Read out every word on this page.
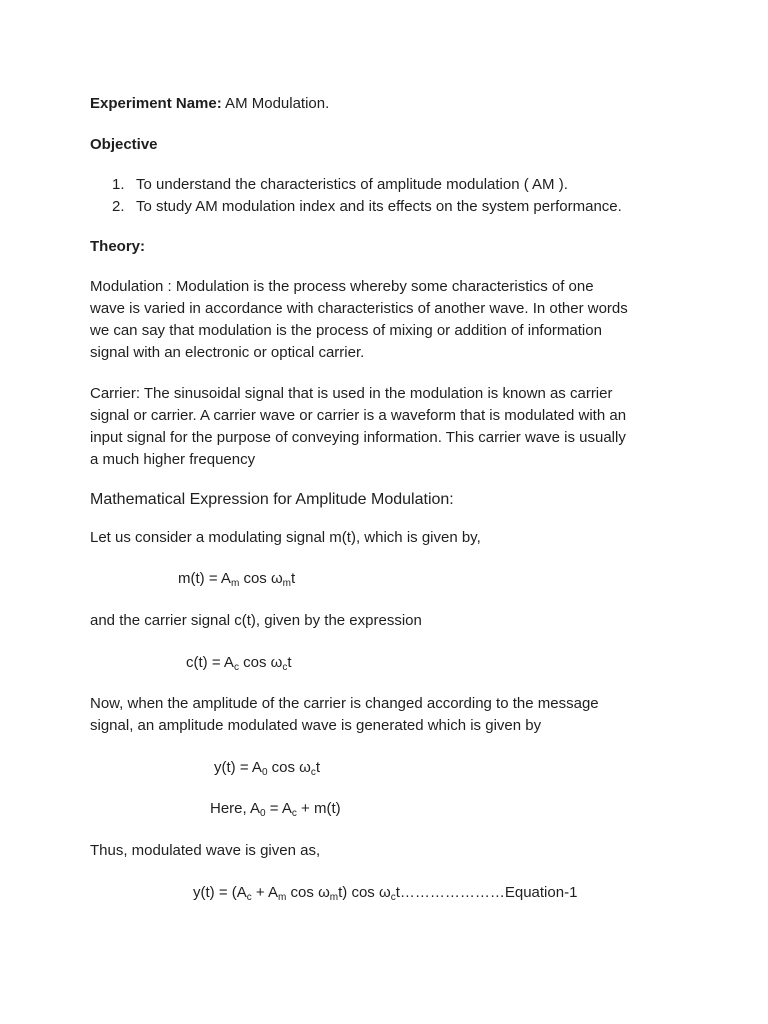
Experiment Name: AM Modulation.
Objective
1. To understand the characteristics of amplitude modulation ( AM ).
2. To study AM modulation index and its effects on the system performance.
Theory:
Modulation : Modulation is the process whereby some characteristics of one
wave is varied in accordance with characteristics of another wave. In other words
we can say that modulation is the process of mixing or addition of information
signal with an electronic or optical carrier.
Carrier: The sinusoidal signal that is used in the modulation is known as carrier
signal or carrier. A carrier wave or carrier is a waveform that is modulated with an
input signal for the purpose of conveying information. This carrier wave is usually
a much higher frequency
Mathematical Expression for Amplitude Modulation:
Let us consider a modulating signal m(t), which is given by,
$m(t) = A_m$ $\cos \omega_mt$
and the carrier signal c(t), given by the expression
$c(t) = A_c$ $\cos \omega_ct$
Now, when the amplitude of the carrier is changed according to the message
signal, an amplitude modulated wave is generated which is given by
$y(t) = A_0$ $\cos \omega_ct$
Here, $A_0 = A_c + m(t)$
Thus, modulated wave is given as,
$y(t) = (A_c + A_m$ $\cos \omega_mt$) $\cos \omega_ct\dots\dots\dots\dots\dots\dots\dots Equation-1$
